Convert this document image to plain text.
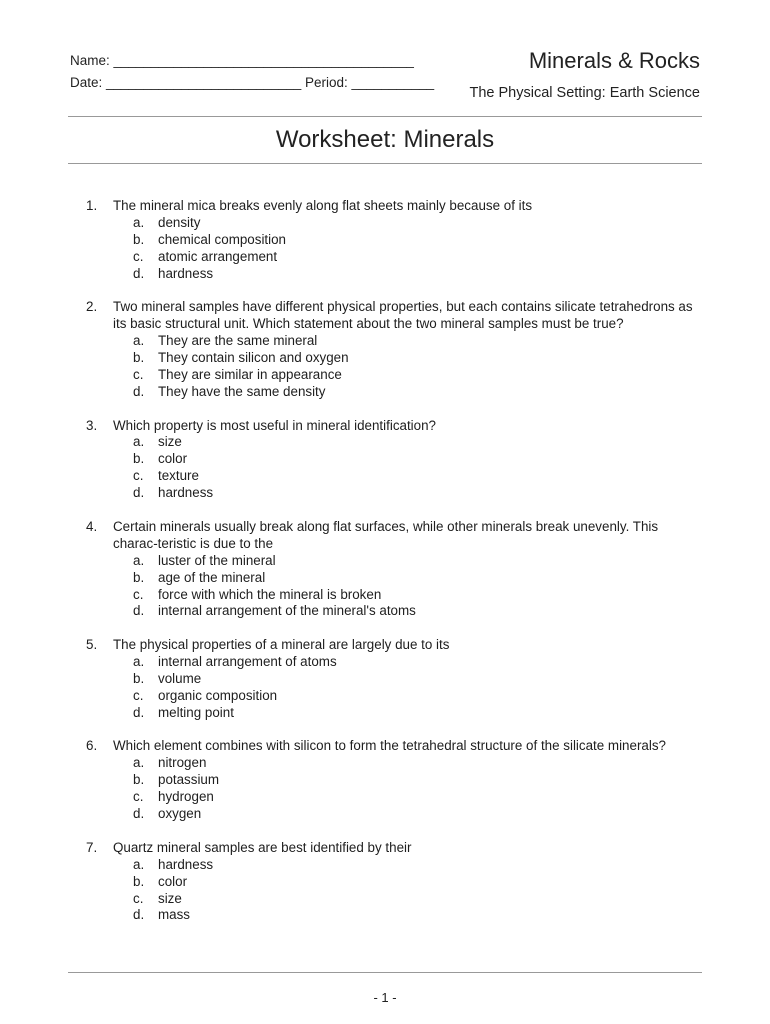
Name: ________________________________________
Date: __________________________ Period: ___________
Minerals & Rocks
The Physical Setting: Earth Science
Worksheet: Minerals
1.	The mineral mica breaks evenly along flat sheets mainly because of its
a.	density
b.	chemical composition
c.	atomic arrangement
d.	hardness
2.	Two mineral samples have different physical properties, but each contains silicate tetrahedrons as its basic structural unit. Which statement about the two mineral samples must be true?
a.	They are the same mineral
b.	They contain silicon and oxygen
c.	They are similar in appearance
d.	They have the same density
3.	Which property is most useful in mineral identification?
a.	size
b.	color
c.	texture
d.	hardness
4.	Certain minerals usually break along flat surfaces, while other minerals break unevenly. This charac-teristic is due to the
a.	luster of the mineral
b.	age of the mineral
c.	force with which the mineral is broken
d.	internal arrangement of the mineral's atoms
5.	The physical properties of a mineral are largely due to its
a.	internal arrangement of atoms
b.	volume
c.	organic composition
d.	melting point
6.	Which element combines with silicon to form the tetrahedral structure of the silicate minerals?
a.	nitrogen
b.	potassium
c.	hydrogen
d.	oxygen
7.	Quartz mineral samples are best identified by their
a.	hardness
b.	color
c.	size
d.	mass
- 1 -
